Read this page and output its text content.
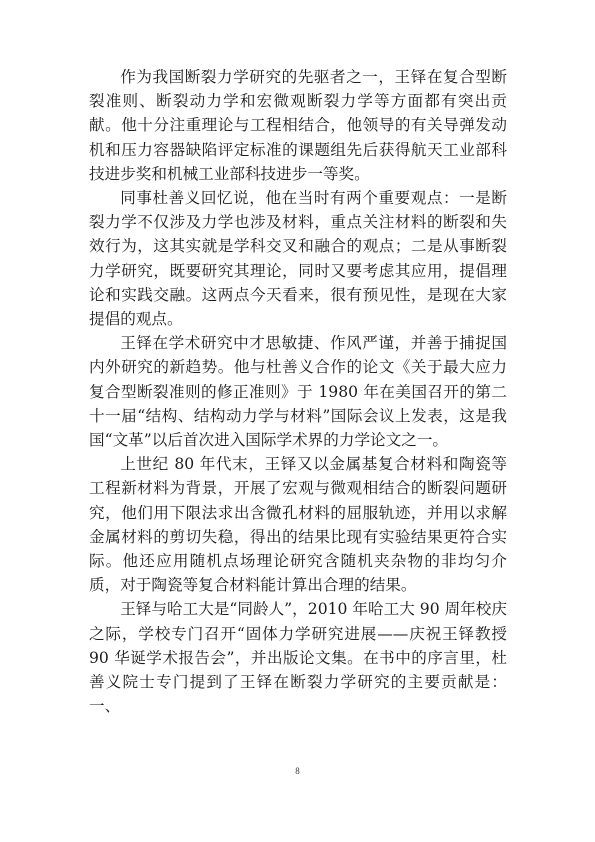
作为我国断裂力学研究的先驱者之一，王铎在复合型断裂准则、断裂动力学和宏微观断裂力学等方面都有突出贡献。他十分注重理论与工程相结合，他领导的有关导弹发动机和压力容器缺陷评定标准的课题组先后获得航天工业部科技进步奖和机械工业部科技进步一等奖。

同事杜善义回忆说，他在当时有两个重要观点：一是断裂力学不仅涉及力学也涉及材料，重点关注材料的断裂和失效行为，这其实就是学科交叉和融合的观点；二是从事断裂力学研究，既要研究其理论，同时又要考虑其应用，提倡理论和实践交融。这两点今天看来，很有预见性，是现在大家提倡的观点。

王铎在学术研究中才思敏捷、作风严谨，并善于捕捉国内外研究的新趋势。他与杜善义合作的论文《关于最大应力复合型断裂准则的修正准则》于 1980 年在美国召开的第二十一届“结构、结构动力学与材料”国际会议上发表，这是我国“文革”以后首次进入国际学术界的力学论文之一。

上世纪 80 年代末，王铎又以金属基复合材料和陶瓷等工程新材料为背景，开展了宏观与微观相结合的断裂问题研究，他们用下限法求出含微孔材料的屈服轨迹，并用以求解金属材料的剪切失稳，得出的结果比现有实验结果更符合实际。他还应用随机点场理论研究含随机夹杂物的非均匀介质，对于陶瓷等复合材料能计算出合理的结果。

王铎与哈工大是“同龄人”，2010 年哈工大 90 周年校庆之际，学校专门召开“固体力学研究进展——庆祝王铎教授 90 华诞学术报告会”，并出版论文集。在书中的序言里，杜善义院士专门提到了王铎在断裂力学研究的主要贡献是：一、

8
